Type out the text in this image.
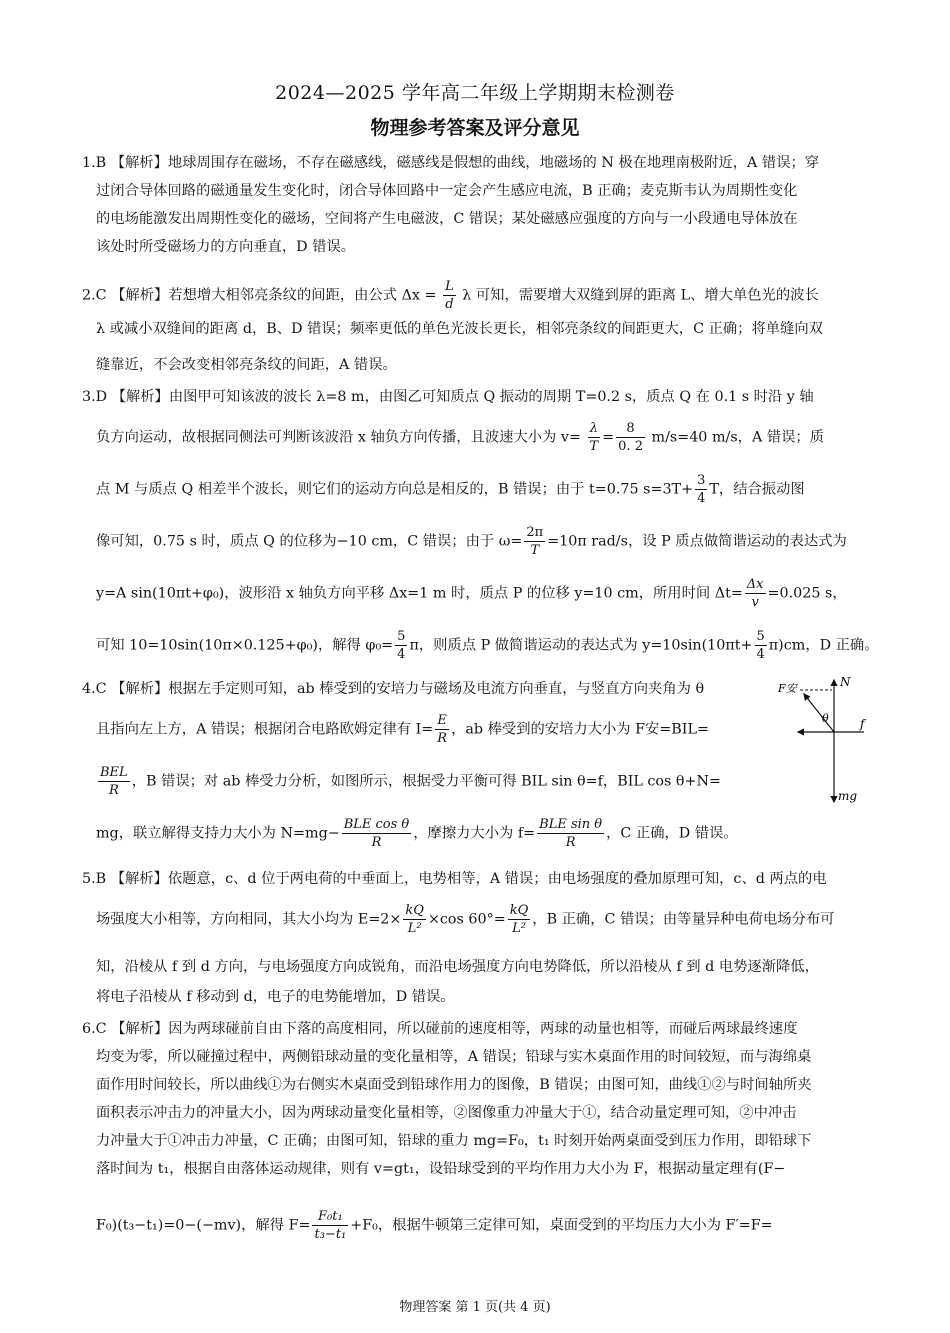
2024—2025 学年高二年级上学期期末检测卷
物理参考答案及评分意见
1.B 【解析】地球周围存在磁场，不存在磁感线，磁感线是假想的曲线，地磁场的 N 极在地理南极附近，A 错误；穿
过闭合导体回路的磁通量发生变化时，闭合导体回路中一定会产生感应电流，B 正确；麦克斯韦认为周期性变化
的电场能激发出周期性变化的磁场，空间将产生电磁波，C 错误；某处磁感应强度的方向与一小段通电导体放在
该处时所受磁场力的方向垂直，D 错误。
2.C 【解析】若想增大相邻亮条纹的间距，由公式 $\Delta x = \frac{L}{d}$ λ 可知，需要增大双缝到屏的距离 L、增大单色光的波长
λ 或减小双缝间的距离 d，B、D 错误；频率更低的单色光波长更长，相邻亮条纹的间距更大，C 正确；将单缝向双
缝靠近，不会改变相邻亮条纹的间距，A 错误。
3.D 【解析】由图甲可知该波的波长 λ=8 m，由图乙可知质点 Q 振动的周期 T=0.2 s，质点 Q 在 0.1 s 时沿 y 轴
负方向运动，故根据同侧法可判断该波沿 x 轴负方向传播，且波速大小为 $v= \frac{\lambda}{T} = \frac{8}{0. 2} m/s=40$ m/s，A 错误；质
点 M 与质点 Q 相差半个波长，则它们的运动方向总是相反的，B 错误；由于 t=0.75 $s=3T+ \frac{3}{4}$ T，结合振动图
像可知，0.75 s 时，质点 Q 的位移为−10 cm，C 错误；由于 $\omega= \frac{2\pi}{T} =10\pi$ rad/s，设 P 质点做简谐运动的表达式为
y=A sin(10πt+φ₀)，波形沿 x 轴负方向平移 Δx=1 m 时，质点 P 的位移 y=10 cm，所用时间 $\Delta t= \frac{\Delta x}{v} =0.025$ s，
可知 10=10sin(10π×0.125+φ₀)，解得 $\varphi_0= \frac{5}{4}$ π，则质点 P 做简谐运动的表达式为 $y=10\sin(10\pi t+ \frac{5}{4} \pi)cm$，D 正确。
4.C 【解析】根据左手定则可知，ab 棒受到的安培力与磁场及电流方向垂直，与竖直方向夹角为 θ
且指向左上方，A 错误；根据闭合电路欧姆定律有 $I= \frac{E}{R}$ ，ab 棒受到的安培力大小为 F安=BIL=
$\frac{\text{BEL}}{R}$ ，B 错误；对 ab 棒受力分析，如图所示，根据受力平衡可得 BIL sin θ=f，BIL cos θ+N=
mg，联立解得支持力大小为 $N=mg- \frac{\text{BLE cos θ}}{R}$ ，摩擦力大小为 $f= \frac{\text{BLE sin θ}}{R}$ ，C 正确，D 错误。
F安	N
θ	f
mg
5.B 【解析】依题意，c、d 位于两电荷的中垂面上，电势相等，A 错误；由电场强度的叠加原理可知，c、d 两点的电
场强度大小相等，方向相同，其大小均为 $E=2\times \frac{kQ}{\text{L²}} \times\cos$ $60^\circ= \frac{kQ}{\text{L²}}$ ，B 正确，C 错误；由等量异种电荷电场分布可
知，沿棱从 f 到 d 方向，与电场强度方向成锐角，而沿电场强度方向电势降低，所以沿棱从 f 到 d 电势逐渐降低，
将电子沿棱从 f 移动到 d，电子的电势能增加，D 错误。
6.C 【解析】因为两球碰前自由下落的高度相同，所以碰前的速度相等，两球的动量也相等，而碰后两球最终速度
均变为零，所以碰撞过程中，两侧铅球动量的变化量相等，A 错误；铅球与实木桌面作用的时间较短，而与海绵桌
面作用时间较长，所以曲线①为右侧实木桌面受到铅球作用力的图像，B 错误；由图可知，曲线①②与时间轴所夹
面积表示冲击力的冲量大小，因为两球动量变化量相等，②图像重力冲量大于①，结合动量定理可知，②中冲击
力冲量大于①冲击力冲量，C 正确；由图可知，铅球的重力 mg=F₀，t₁ 时刻开始两桌面受到压力作用，即铅球下
落时间为 t₁，根据自由落体运动规律，则有 v=gt₁，设铅球受到的平均作用力大小为 F，根据动量定理有(F−
F₀)(t₃−t₁)=0−(−mv)，解得 $F= \frac{\text{F₀t₁}}{\text{t₃−t₁}} +F_0$，根据牛顿第三定律可知，桌面受到的平均压力大小为 F′=F=
物理答案 第 1 页(共 4 页)
